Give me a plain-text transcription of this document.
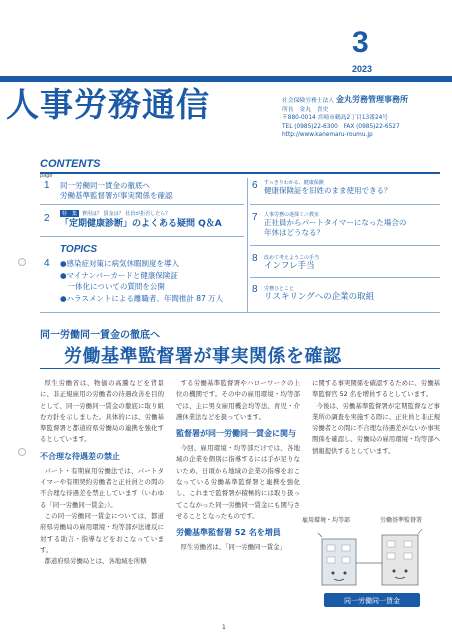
3
2023
人事労務通信	社会保険労務士法人 金丸労務管理事務所
所長　金丸　喜史
〒880-0014 宮崎市鶴島2丁目13番24号
TEL (0985)22-6300　FAX (0985)22-6527
http://www.kanemaru-roumu.jp
CONTENTS
page
1 同一労働同一賃金の徹底へ
労働基準監督署が事実関係を確認
2	特　集 費用は？ 賃金は？ 社員が拒否したら？
「定期健康診断」のよくある疑問 Q＆A
4
TOPICS
●感染症対策に病気休暇制度を導入
●マイナンバーカードと健康保険証
　一体化についての質問を公開
●ハラスメントによる離職者、年間推計 87 万人
6 すっきりわかる、健康保険
健康保険証を旧姓のまま使用できる？
7 人事労務の迷探ミニ教室
正社員からパートタイマーになった場合の
年休はどうなる？
8 改めて考えようこの手当
インフレ手当
8 労務ひとこと
リスキリングへの企業の取組
同一労働同一賃金の徹底へ
労働基準監督署が事実関係を確認

厚生労働省は、物価の高騰などを背景に、非正規雇用の労働者の待遇改善を目的として、同一労働同一賃金の徹底に取り組む方針を示しました。具体的には、労働基準監督署と都道府県労働局の連携を強化するとしています。

不合理な待遇差の禁止

パート・有期雇用労働法では、パートタイマーや有期契約労働者と正社員との間の不合理な待遇差を禁止しています（いわゆる「同一労働同一賃金」）。

この同一労働同一賃金については、都道府県労働局の雇用環境・均等部が法違反に対する助言・指導などをおこなっています。

都道府県労働局とは、各地域を所轄

する労働基準監督署やハローワークの上位の機関です。その中の雇用環境・均等部では、主に男女雇用機会均等法、育児・介護休業法などを扱っています。

監督署が同一労働同一賃金に関与

今回、雇用環境・均等部だけでは、各地域の企業を個別に指導するには手が足りないため、日頃から地域の企業の指導をおこなっている労働基準監督署と連携を強化し、これまで監督署が積極的には取り扱ってこなかった同一労働同一賃金にも関与させることとなったものです。

労働基準監督署 52 名を増員

厚生労働省は、「同一労働同一賃金」

に関する事実関係を確認するために、労働基準監督官 52 名を増員するとしています。

今後は、労働基準監督署が定期監督など事業所の調査を実施する際に、正社員と非正規労働者との間に不合理な待遇差がないか事実関係を確認し、労働局の雇用環境・均等部へ情報提供するとしています。

雇用環境・均等部	労働基準監督署
同一労働同一賃金
1
